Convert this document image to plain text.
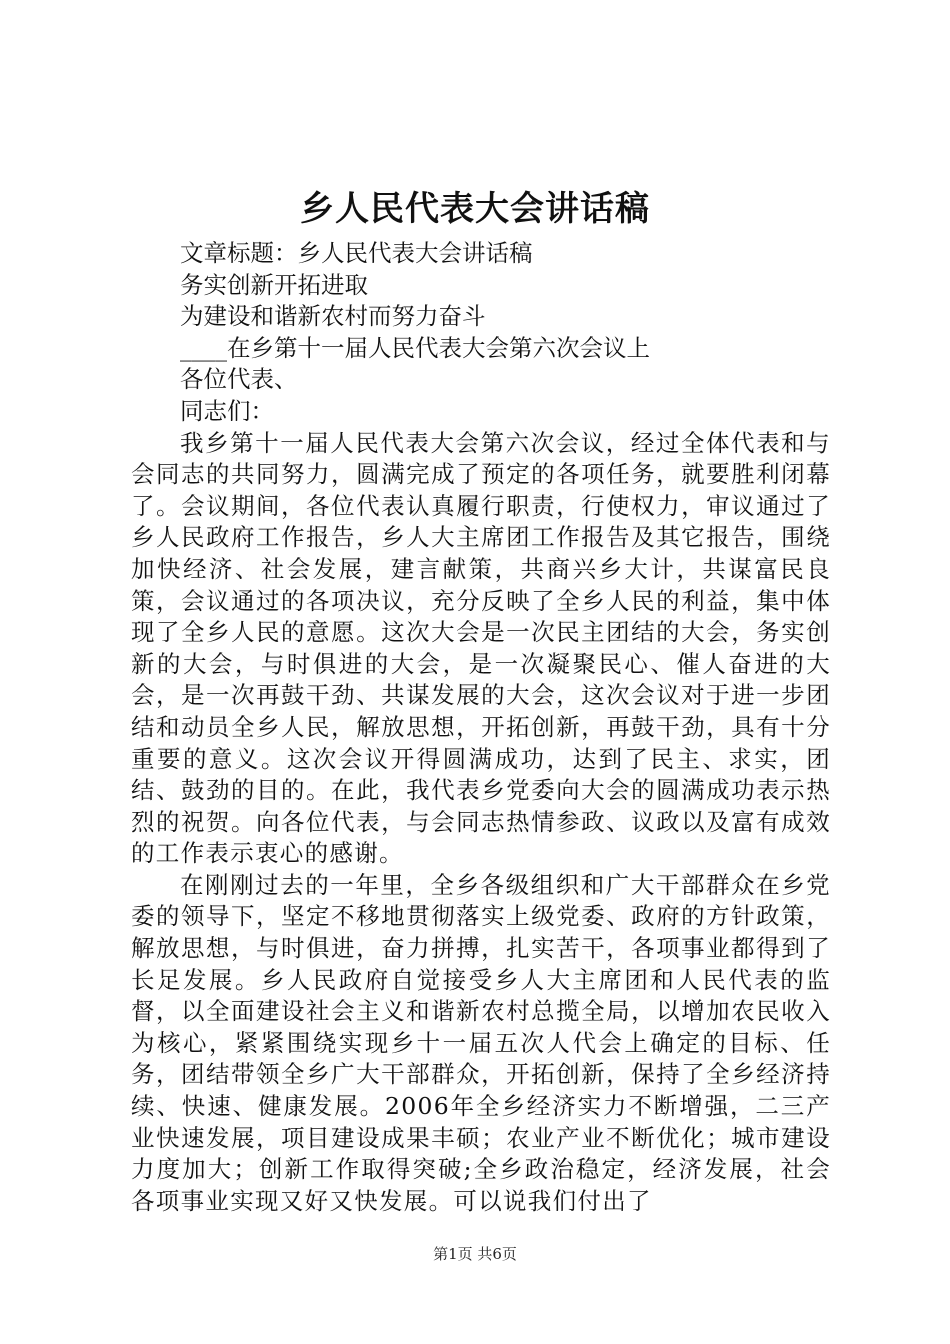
乡人民代表大会讲话稿

文章标题：乡人民代表大会讲话稿

务实创新开拓进取

为建设和谐新农村而努力奋斗

____在乡第十一届人民代表大会第六次会议上

各位代表、

同志们：

我乡第十一届人民代表大会第六次会议，经过全体代表和与会同志的共同努力，圆满完成了预定的各项任务，就要胜利闭幕了。会议期间，各位代表认真履行职责，行使权力，审议通过了乡人民政府工作报告，乡人大主席团工作报告及其它报告，围绕加快经济、社会发展，建言献策，共商兴乡大计，共谋富民良策，会议通过的各项决议，充分反映了全乡人民的利益，集中体现了全乡人民的意愿。这次大会是一次民主团结的大会，务实创新的大会，与时俱进的大会，是一次凝聚民心、催人奋进的大会，是一次再鼓干劲、共谋发展的大会，这次会议对于进一步团结和动员全乡人民，解放思想，开拓创新，再鼓干劲，具有十分重要的意义。这次会议开得圆满成功，达到了民主、求实，团结、鼓劲的目的。在此，我代表乡党委向大会的圆满成功表示热烈的祝贺。向各位代表，与会同志热情参政、议政以及富有成效的工作表示衷心的感谢。

在刚刚过去的一年里，全乡各级组织和广大干部群众在乡党委的领导下，坚定不移地贯彻落实上级党委、政府的方针政策，解放思想，与时俱进，奋力拼搏，扎实苦干，各项事业都得到了长足发展。乡人民政府自觉接受乡人大主席团和人民代表的监督，以全面建设社会主义和谐新农村总揽全局，以增加农民收入为核心，紧紧围绕实现乡十一届五次人代会上确定的目标、任务，团结带领全乡广大干部群众，开拓创新，保持了全乡经济持续、快速、健康发展。2006年全乡经济实力不断增强，二三产业快速发展，项目建设成果丰硕；农业产业不断优化；城市建设力度加大；创新工作取得突破;全乡政治稳定，经济发展，社会各项事业实现又好又快发展。可以说我们付出了

第1页 共6页
